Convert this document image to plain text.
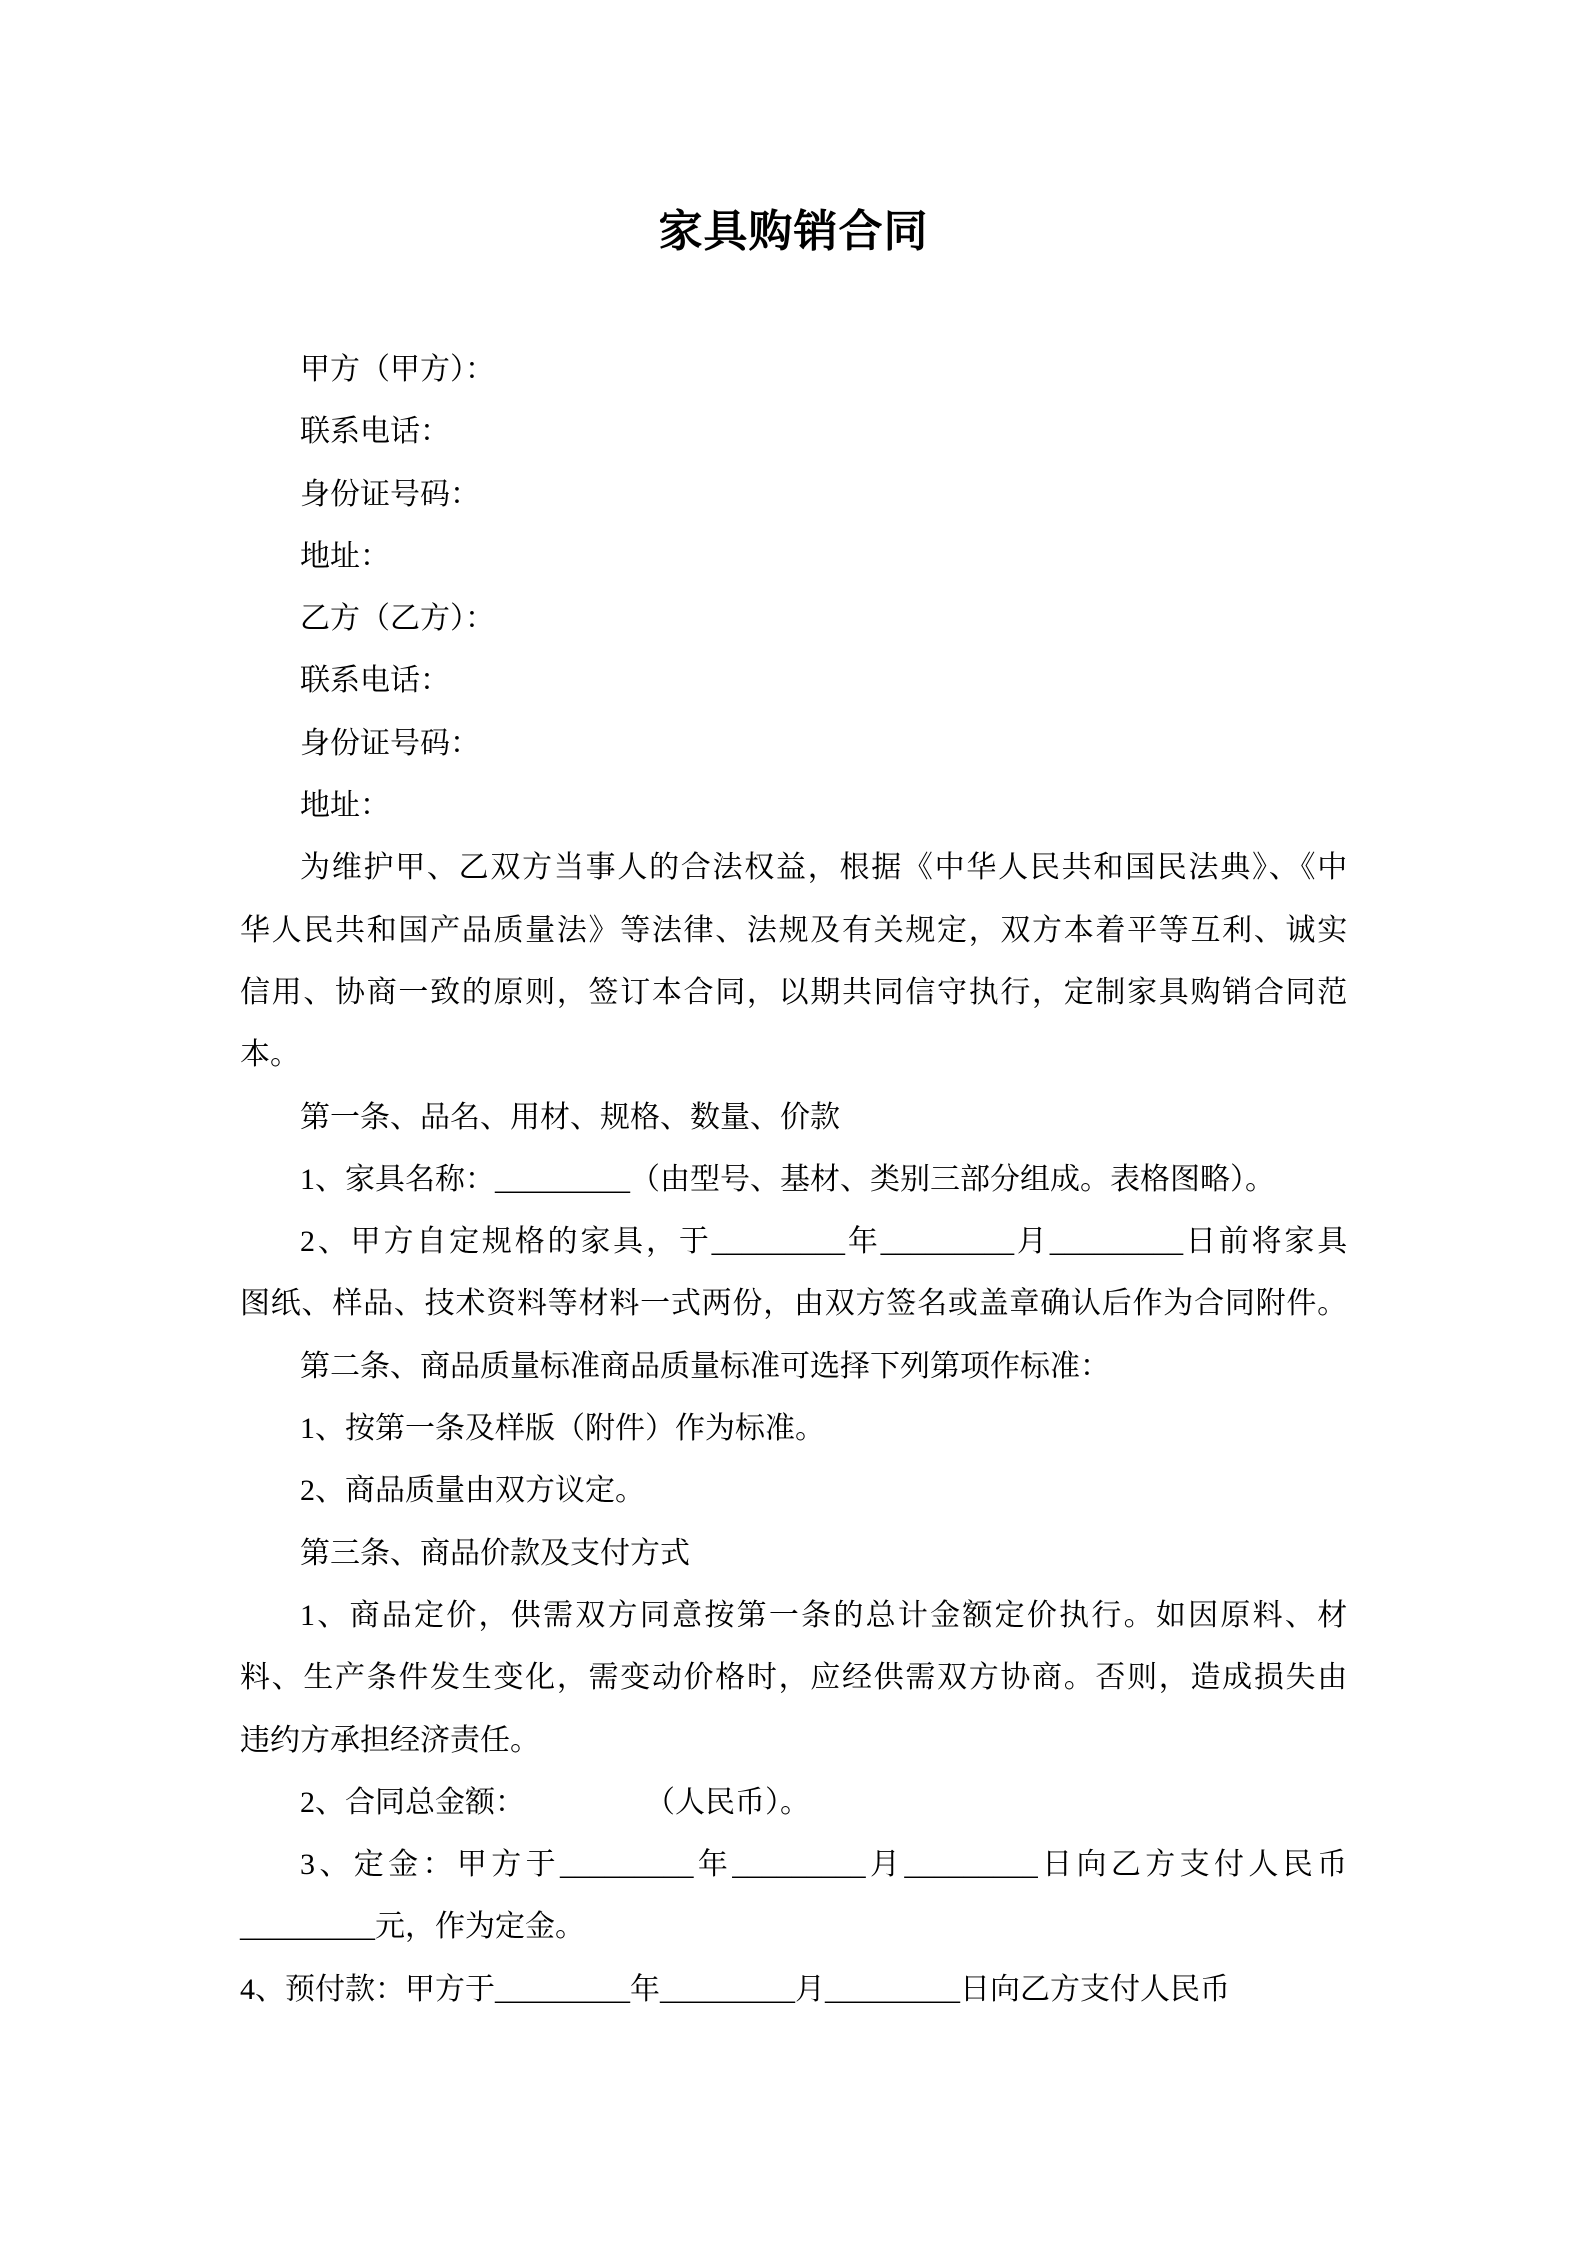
家具购销合同
甲方（甲方）：
联系电话：
身份证号码：
地址：
乙方（乙方）：
联系电话：
身份证号码：
地址：
为维护甲、乙双方当事人的合法权益，根据《中华人民共和国民法典》、《中
华人民共和国产品质量法》等法律、法规及有关规定，双方本着平等互利、诚实
信用、协商一致的原则，签订本合同，以期共同信守执行，定制家具购销合同范
本。
第一条、品名、用材、规格、数量、价款
1、家具名称：_________（由型号、基材、类别三部分组成。表格图略）。
2、甲方自定规格的家具，于_________年_________月_________日前将家具
图纸、样品、技术资料等材料一式两份，由双方签名或盖章确认后作为合同附件。
第二条、商品质量标准商品质量标准可选择下列第项作标准：
1、按第一条及样版（附件）作为标准。
2、商品质量由双方议定。
第三条、商品价款及支付方式
1、商品定价，供需双方同意按第一条的总计金额定价执行。如因原料、材
料、生产条件发生变化，需变动价格时，应经供需双方协商。否则，造成损失由
违约方承担经济责任。
2、合同总金额：　　　　　（人民币）。
3、定金：甲方于_________年_________月_________日向乙方支付人民币
_________元，作为定金。
4、预付款：甲方于_________年_________月_________日向乙方支付人民币
